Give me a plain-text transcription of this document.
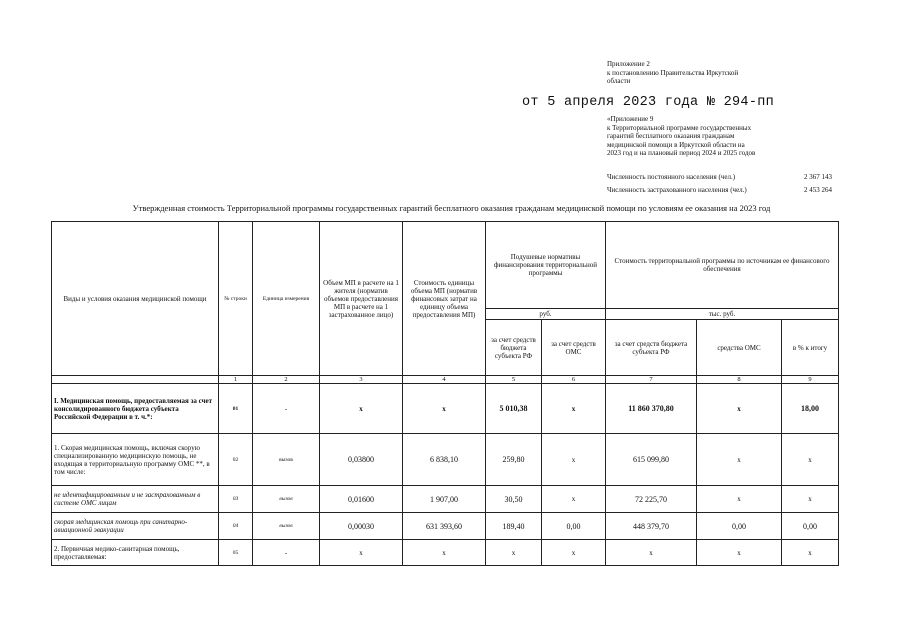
Приложение 2
к постановлению Правительства Иркутской
области
от 5 апреля 2023 года № 294-пп
«Приложение 9
к Территориальной программе государственных
гарантий бесплатного оказания гражданам
медицинской помощи в Иркутской области на
2023 год и на плановый период 2024 и 2025 годов
Численность постоянного населения (чел.)	2 367 143
Численность застрахованного населения (чел.)	2 453 264
Утвержденная стоимость Территориальной программы государственных гарантий бесплатного оказания гражданам медицинской помощи по условиям ее оказания на 2023 год
Виды и условия оказания медицинской помощи	№ строки	Единица измерения	Объем МП в расчете на 1 жителя (норматив объемов предоставления МП в расчете на 1 застрахованное лицо)	Стоимость единицы объема МП (норматив финансовых затрат на единицу объема предоставления МП)	Подушевые нормативы финансирования территориальной программы		Стоимость территориальной программы по источникам ее финансового обеспечения		
					руб.		тыс. руб.		
					за счет средств бюджета субъекта РФ	за счет средств ОМС	за счет средств бюджета субъекта РФ	средства ОМС	в % к итогу
	1	2	3	4	5	6	7	8	9
I. Медицинская помощь, предоставляемая за счет консолидированного бюджета субъекта Российской Федерации в т. ч.*:	01	-	х	х	5 010,38	х	11 860 370,80	х	18,00
1. Скорая медицинская помощь, включая скорую специализированную медицинскую помощь, не входящая в территориальную программу ОМС **, в том числе:	02	вызов	0,03800	6 838,10	259,80	х	615 099,80	х	х
не идентифицированным и не застрахованным в системе ОМС лицам	03	вызов	0,01600	1 907,00	30,50	х	72 225,70	х	х
скорая медицинская помощь при санитарно-авиационной эвакуации	04	вызов	0,00030	631 393,60	189,40	0,00	448 379,70	0,00	0,00
2. Первичная медико-санитарная помощь, предоставляемая:	05	-	х	х	х	х	х	х	х
